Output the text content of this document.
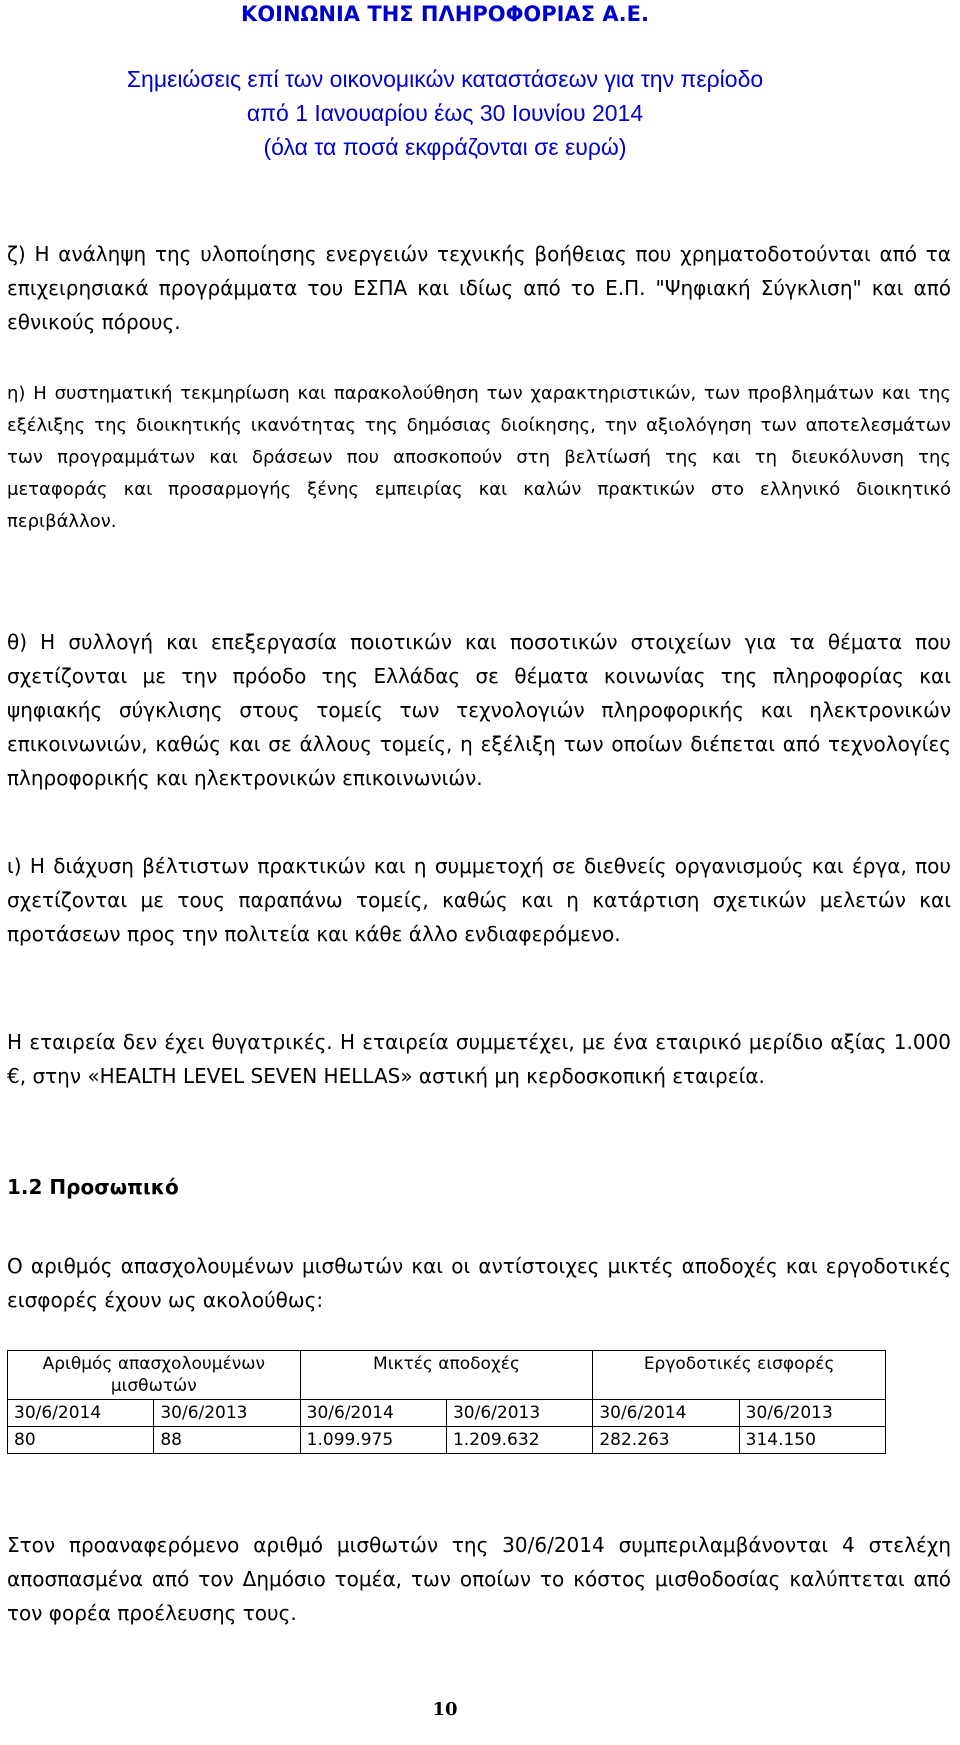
ΚΟΙΝΩΝΙΑ ΤΗΣ ΠΛΗΡΟΦΟΡΙΑΣ Α.Ε.
Σημειώσεις επί των οικονομικών καταστάσεων για την περίοδο
από 1 Ιανουαρίου έως 30 Ιουνίου 2014
(όλα τα ποσά εκφράζονται σε ευρώ)
ζ) Η ανάληψη της υλοποίησης ενεργειών τεχνικής βοήθειας που χρηματοδοτούνται από τα επιχειρησιακά προγράμματα του ΕΣΠΑ και ιδίως από το Ε.Π. "Ψηφιακή Σύγκλιση" και από εθνικούς πόρους.
η) Η συστηματική τεκμηρίωση και παρακολούθηση των χαρακτηριστικών, των προβλημάτων και της εξέλιξης της διοικητικής ικανότητας της δημόσιας διοίκησης, την αξιολόγηση των αποτελεσμάτων των προγραμμάτων και δράσεων που αποσκοπούν στη βελτίωσή της και τη διευκόλυνση της μεταφοράς και προσαρμογής ξένης εμπειρίας και καλών πρακτικών στο ελληνικό διοικητικό περιβάλλον.
θ) Η συλλογή και επεξεργασία ποιοτικών και ποσοτικών στοιχείων για τα θέματα που σχετίζονται με την πρόοδο της Ελλάδας σε θέματα κοινωνίας της πληροφορίας και ψηφιακής σύγκλισης στους τομείς των τεχνολογιών πληροφορικής και ηλεκτρονικών επικοινωνιών, καθώς και σε άλλους τομείς, η εξέλιξη των οποίων διέπεται από τεχνολογίες πληροφορικής και ηλεκτρονικών επικοινωνιών.
ι) Η διάχυση βέλτιστων πρακτικών και η συμμετοχή σε διεθνείς οργανισμούς και έργα, που σχετίζονται με τους παραπάνω τομείς, καθώς και η κατάρτιση σχετικών μελετών και προτάσεων προς την πολιτεία και κάθε άλλο ενδιαφερόμενο.
Η εταιρεία δεν έχει θυγατρικές. Η εταιρεία συμμετέχει, με ένα εταιρικό μερίδιο αξίας 1.000 €, στην «HEALTH LEVEL SEVEN HELLAS» αστική μη κερδοσκοπική εταιρεία.
1.2 Προσωπικό
Ο αριθμός απασχολουμένων μισθωτών και οι αντίστοιχες μικτές αποδοχές και εργοδοτικές εισφορές έχουν ως ακολούθως:
Αριθμός απασχολουμένων μισθωτών		Μικτές αποδοχές		Εργοδοτικές εισφορές	
30/6/2014	30/6/2013	30/6/2014	30/6/2013	30/6/2014	30/6/2013
80	88	1.099.975	1.209.632	282.263	314.150
Στον προαναφερόμενο αριθμό μισθωτών της 30/6/2014 συμπεριλαμβάνονται 4 στελέχη αποσπασμένα από τον Δημόσιο τομέα, των οποίων το κόστος μισθοδοσίας καλύπτεται από τον φορέα προέλευσης τους.
10
